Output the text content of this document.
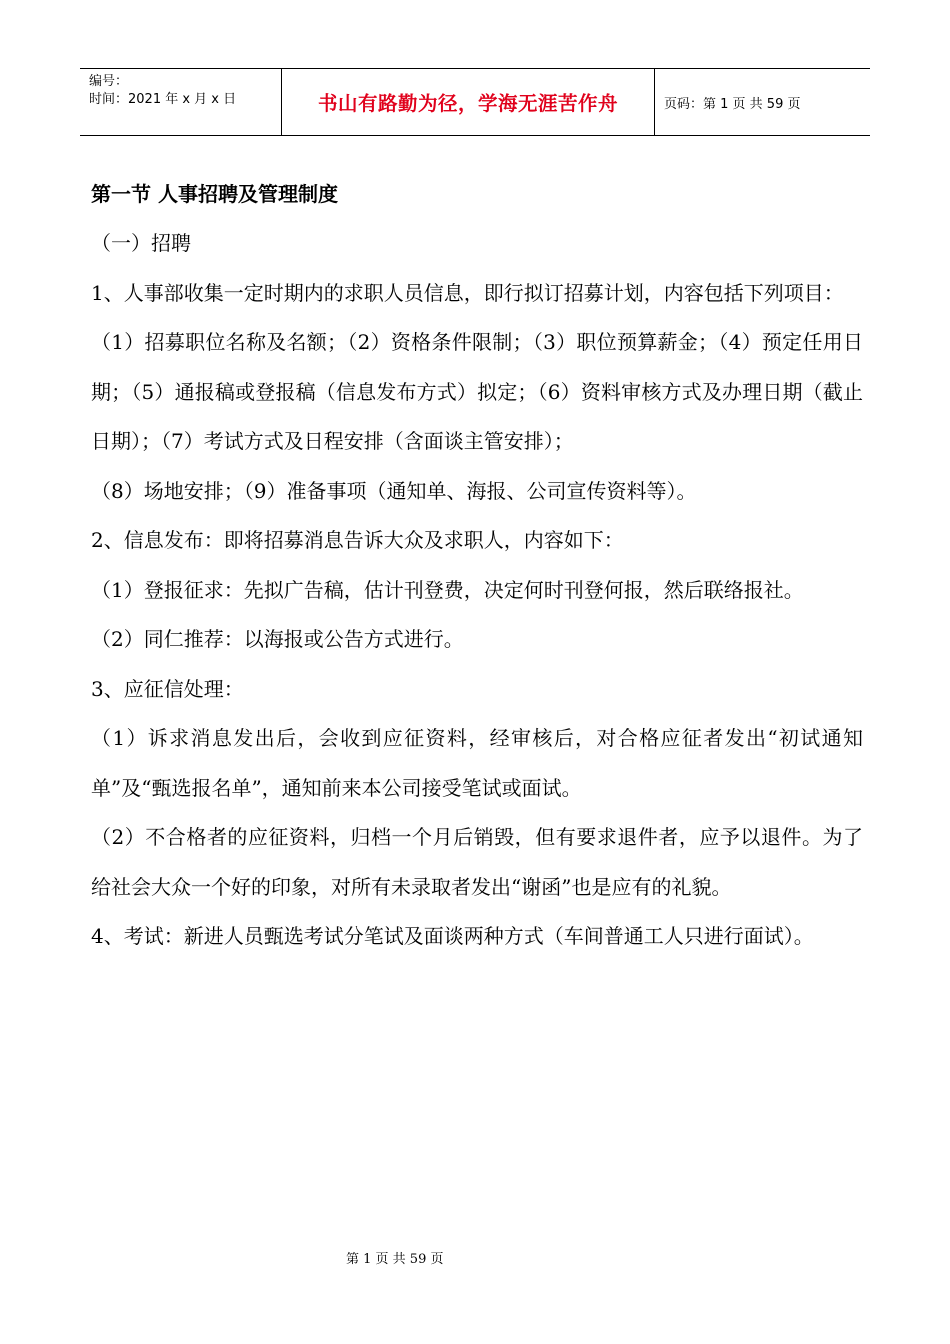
编号：
时间：2021 年 x 月 x 日	书山有路勤为径，学海无涯苦作舟	页码：第 1 页 共 59 页
第一节 人事招聘及管理制度

（一）招聘

1、人事部收集一定时期内的求职人员信息，即行拟订招募计划，内容包括下列项目：

（1）招募职位名称及名额；（2）资格条件限制；（3）职位预算薪金；（4）预定任用日期；（5）通报稿或登报稿（信息发布方式）拟定；（6）资料审核方式及办理日期（截止日期）；（7）考试方式及日程安排（含面谈主管安排）；

（8）场地安排；（9）准备事项（通知单、海报、公司宣传资料等）。

2、信息发布：即将招募消息告诉大众及求职人，内容如下：

（1）登报征求：先拟广告稿，估计刊登费，决定何时刊登何报，然后联络报社。

（2）同仁推荐：以海报或公告方式进行。

3、应征信处理：

（1）诉求消息发出后，会收到应征资料，经审核后，对合格应征者发出“初试通知单”及“甄选报名单”，通知前来本公司接受笔试或面试。

（2）不合格者的应征资料，归档一个月后销毁，但有要求退件者，应予以退件。为了给社会大众一个好的印象，对所有未录取者发出“谢函”也是应有的礼貌。

4、考试：新进人员甄选考试分笔试及面谈两种方式（车间普通工人只进行面试）。

第 1 页 共 59 页
